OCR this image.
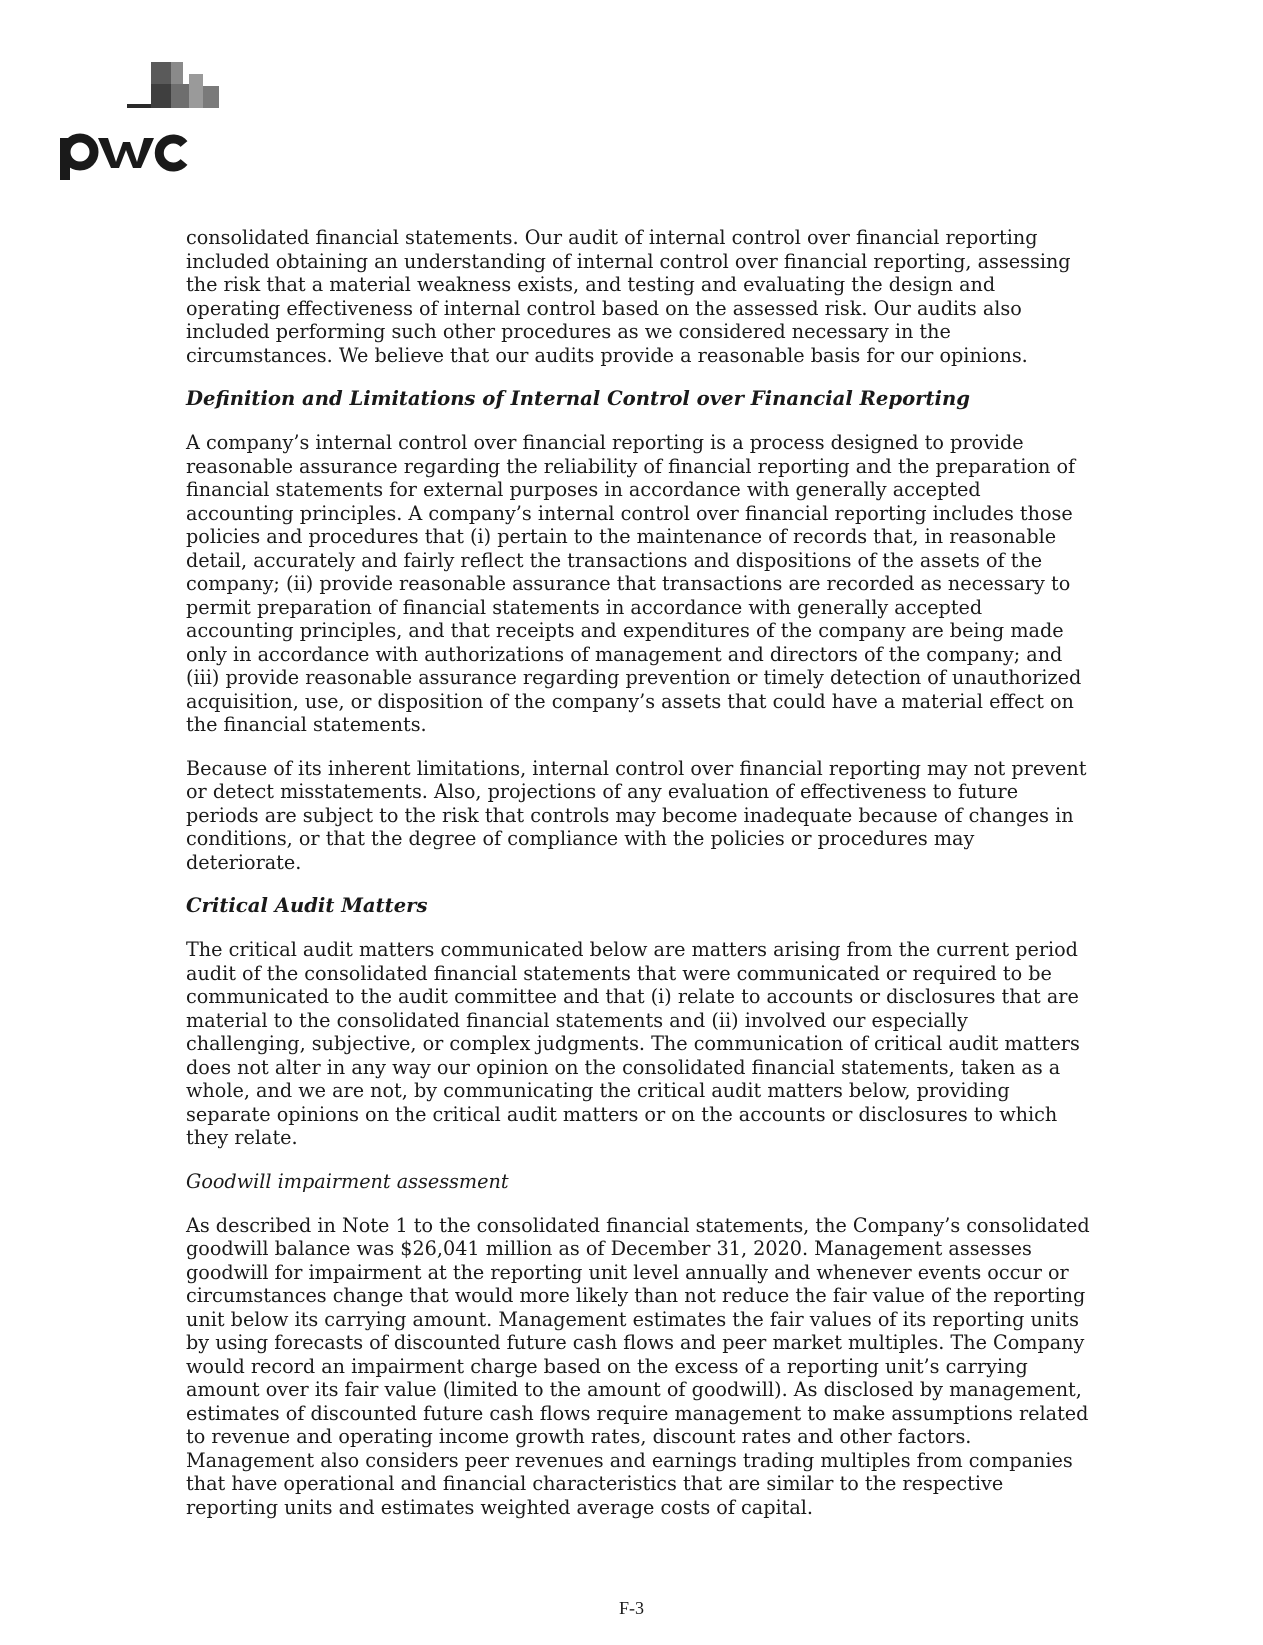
consolidated financial statements. Our audit of internal control over financial reporting included obtaining an understanding of internal control over financial reporting, assessing the risk that a material weakness exists, and testing and evaluating the design and operating effectiveness of internal control based on the assessed risk. Our audits also included performing such other procedures as we considered necessary in the circumstances. We believe that our audits provide a reasonable basis for our opinions.

Definition and Limitations of Internal Control over Financial Reporting

A company’s internal control over financial reporting is a process designed to provide reasonable assurance regarding the reliability of financial reporting and the preparation of financial statements for external purposes in accordance with generally accepted accounting principles. A company’s internal control over financial reporting includes those policies and procedures that (i) pertain to the maintenance of records that, in reasonable detail, accurately and fairly reflect the transactions and dispositions of the assets of the company; (ii) provide reasonable assurance that transactions are recorded as necessary to permit preparation of financial statements in accordance with generally accepted accounting principles, and that receipts and expenditures of the company are being made only in accordance with authorizations of management and directors of the company; and (iii) provide reasonable assurance regarding prevention or timely detection of unauthorized acquisition, use, or disposition of the company’s assets that could have a material effect on the financial statements.

Because of its inherent limitations, internal control over financial reporting may not prevent or detect misstatements. Also, projections of any evaluation of effectiveness to future periods are subject to the risk that controls may become inadequate because of changes in conditions, or that the degree of compliance with the policies or procedures may deteriorate.

Critical Audit Matters

The critical audit matters communicated below are matters arising from the current period audit of the consolidated financial statements that were communicated or required to be communicated to the audit committee and that (i) relate to accounts or disclosures that are material to the consolidated financial statements and (ii) involved our especially challenging, subjective, or complex judgments. The communication of critical audit matters does not alter in any way our opinion on the consolidated financial statements, taken as a whole, and we are not, by communicating the critical audit matters below, providing separate opinions on the critical audit matters or on the accounts or disclosures to which they relate.

Goodwill impairment assessment

As described in Note 1 to the consolidated financial statements, the Company’s consolidated goodwill balance was $26,041 million as of December 31, 2020. Management assesses goodwill for impairment at the reporting unit level annually and whenever events occur or circumstances change that would more likely than not reduce the fair value of the reporting unit below its carrying amount. Management estimates the fair values of its reporting units by using forecasts of discounted future cash flows and peer market multiples. The Company would record an impairment charge based on the excess of a reporting unit’s carrying amount over its fair value (limited to the amount of goodwill). As disclosed by management, estimates of discounted future cash flows require management to make assumptions related to revenue and operating income growth rates, discount rates and other factors. Management also considers peer revenues and earnings trading multiples from companies that have operational and financial characteristics that are similar to the respective reporting units and estimates weighted average costs of capital.

F-3
